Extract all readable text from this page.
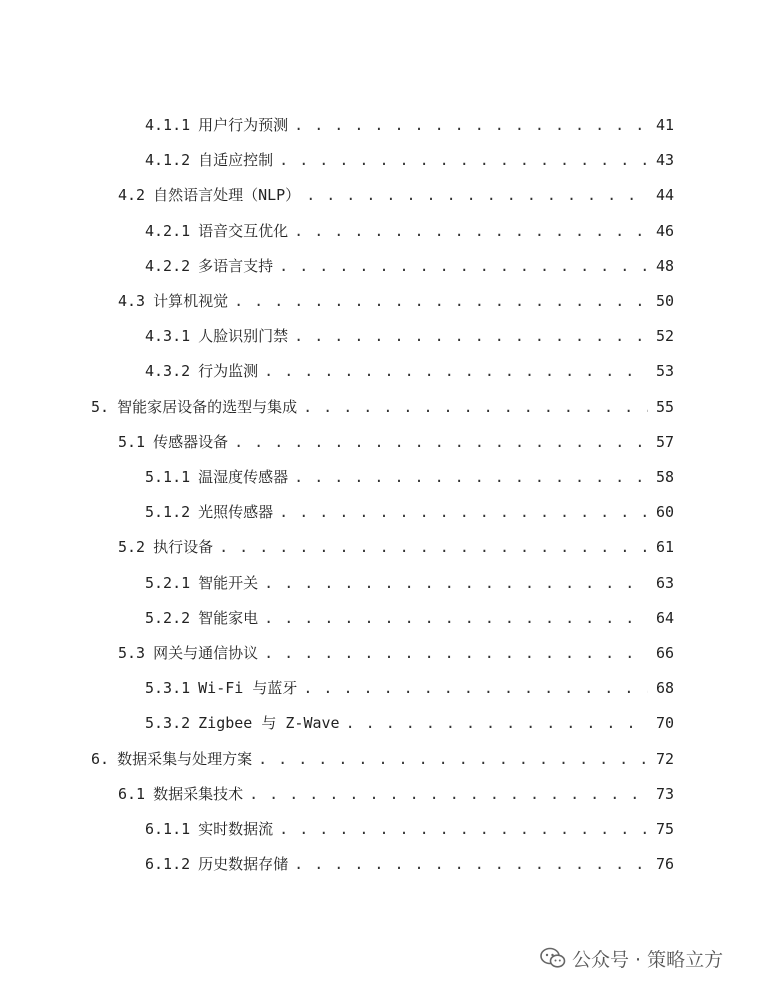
4.1.1 用户行为预测 . . .	41
4.1.2 自适应控制 . . .	43
4.2 自然语言处理（NLP） . . .	44
4.2.1 语音交互优化 . . .	46
4.2.2 多语言支持 . . .	48
4.3 计算机视觉 . . .	50
4.3.1 人脸识别门禁 . . .	52
4.3.2 行为监测 . . .	53
5. 智能家居设备的选型与集成 . . .	55
5.1 传感器设备 . . .	57
5.1.1 温湿度传感器 . . .	58
5.1.2 光照传感器 . . .	60
5.2 执行设备 . . .	61
5.2.1 智能开关 . . .	63
5.2.2 智能家电 . . .	64
5.3 网关与通信协议 . . .	66
5.3.1 Wi-Fi 与蓝牙 . . .	68
5.3.2 Zigbee 与 Z-Wave . . .	70
6. 数据采集与处理方案 . . .	72
6.1 数据采集技术 . . .	73
6.1.1 实时数据流 . . .	75
6.1.2 历史数据存储 . . .	76
公众号 · 策略立方
